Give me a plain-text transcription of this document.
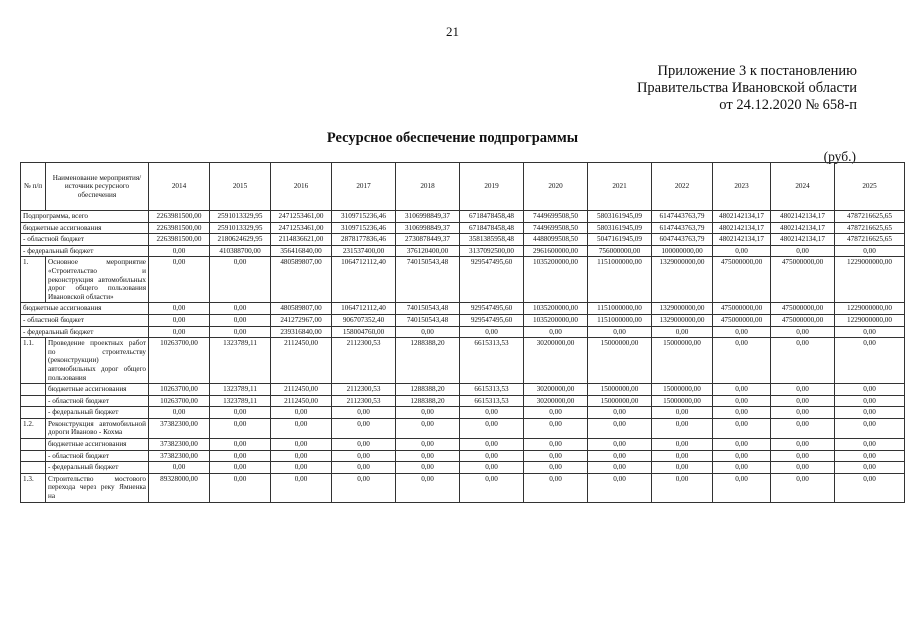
21
Приложение 3 к постановлению
Правительства Ивановской области
от 24.12.2020 № 658-п
Ресурсное обеспечение подпрограммы
(руб.)
№ п/п	Наименование мероприятия/источник ресурсного обеспечения	2014	2015	2016	2017	2018	2019	2020	2021	2022	2023	2024	2025
Подпрограмма, всего		2263981500,00	2591013329,95	2471253461,00	3109715236,46	3106998849,37	6718478458,48	7449699508,50	5803161945,09	6147443763,79	4802142134,17	4802142134,17	4787216625,65
бюджетные ассигнования		2263981500,00	2591013329,95	2471253461,00	3109715236,46	3106998849,37	6718478458,48	7449699508,50	5803161945,09	6147443763,79	4802142134,17	4802142134,17	4787216625,65
- областной бюджет		2263981500,00	2180624629,95	2114836621,00	2878177836,46	2730878449,37	3581385958,48	4488099508,50	5047161945,09	6047443763,79	4802142134,17	4802142134,17	4787216625,65
- федеральный бюджет		0,00	410388700,00	356416840,00	231537400,00	376120400,00	3137092500,00	2961600000,00	756000000,00	100000000,00	0,00	0,00	0,00
1.	Основное мероприятие «Строительство и реконструкция автомобильных дорог общего пользования Ивановской области»	0,00	0,00	480589807,00	1064712112,40	740150543,48	929547495,60	1035200000,00	1151000000,00	1329000000,00	475000000,00	475000000,00	1229000000,00
бюджетные ассигнования		0,00	0,00	480589807,00	1064712112,40	740150543,48	929547495,60	1035200000,00	1151000000,00	1329000000,00	475000000,00	475000000,00	1229000000,00
- областной бюджет		0,00	0,00	241272967,00	906707352,40	740150543,48	929547495,60	1035200000,00	1151000000,00	1329000000,00	475000000,00	475000000,00	1229000000,00
- федеральный бюджет		0,00	0,00	239316840,00	158004760,00	0,00	0,00	0,00	0,00	0,00	0,00	0,00	0,00
1.1.	Проведение проектных работ по строительству (реконструкции) автомобильных дорог общего пользования	10263700,00	1323789,11	2112450,00	2112300,53	1288388,20	6615313,53	30200000,00	15000000,00	15000000,00	0,00	0,00	0,00
	бюджетные ассигнования	10263700,00	1323789,11	2112450,00	2112300,53	1288388,20	6615313,53	30200000,00	15000000,00	15000000,00	0,00	0,00	0,00
	- областной бюджет	10263700,00	1323789,11	2112450,00	2112300,53	1288388,20	6615313,53	30200000,00	15000000,00	15000000,00	0,00	0,00	0,00
	- федеральный бюджет	0,00	0,00	0,00	0,00	0,00	0,00	0,00	0,00	0,00	0,00	0,00	0,00
1.2.	Реконструкция автомобильной дороги Иваново - Кохма	37382300,00	0,00	0,00	0,00	0,00	0,00	0,00	0,00	0,00	0,00	0,00	0,00
	бюджетные ассигнования	37382300,00	0,00	0,00	0,00	0,00	0,00	0,00	0,00	0,00	0,00	0,00	0,00
	- областной бюджет	37382300,00	0,00	0,00	0,00	0,00	0,00	0,00	0,00	0,00	0,00	0,00	0,00
	- федеральный бюджет	0,00	0,00	0,00	0,00	0,00	0,00	0,00	0,00	0,00	0,00	0,00	0,00
1.3.	Строительство мостового перехода через реку Ямненка на	89328000,00	0,00	0,00	0,00	0,00	0,00	0,00	0,00	0,00	0,00	0,00	0,00
